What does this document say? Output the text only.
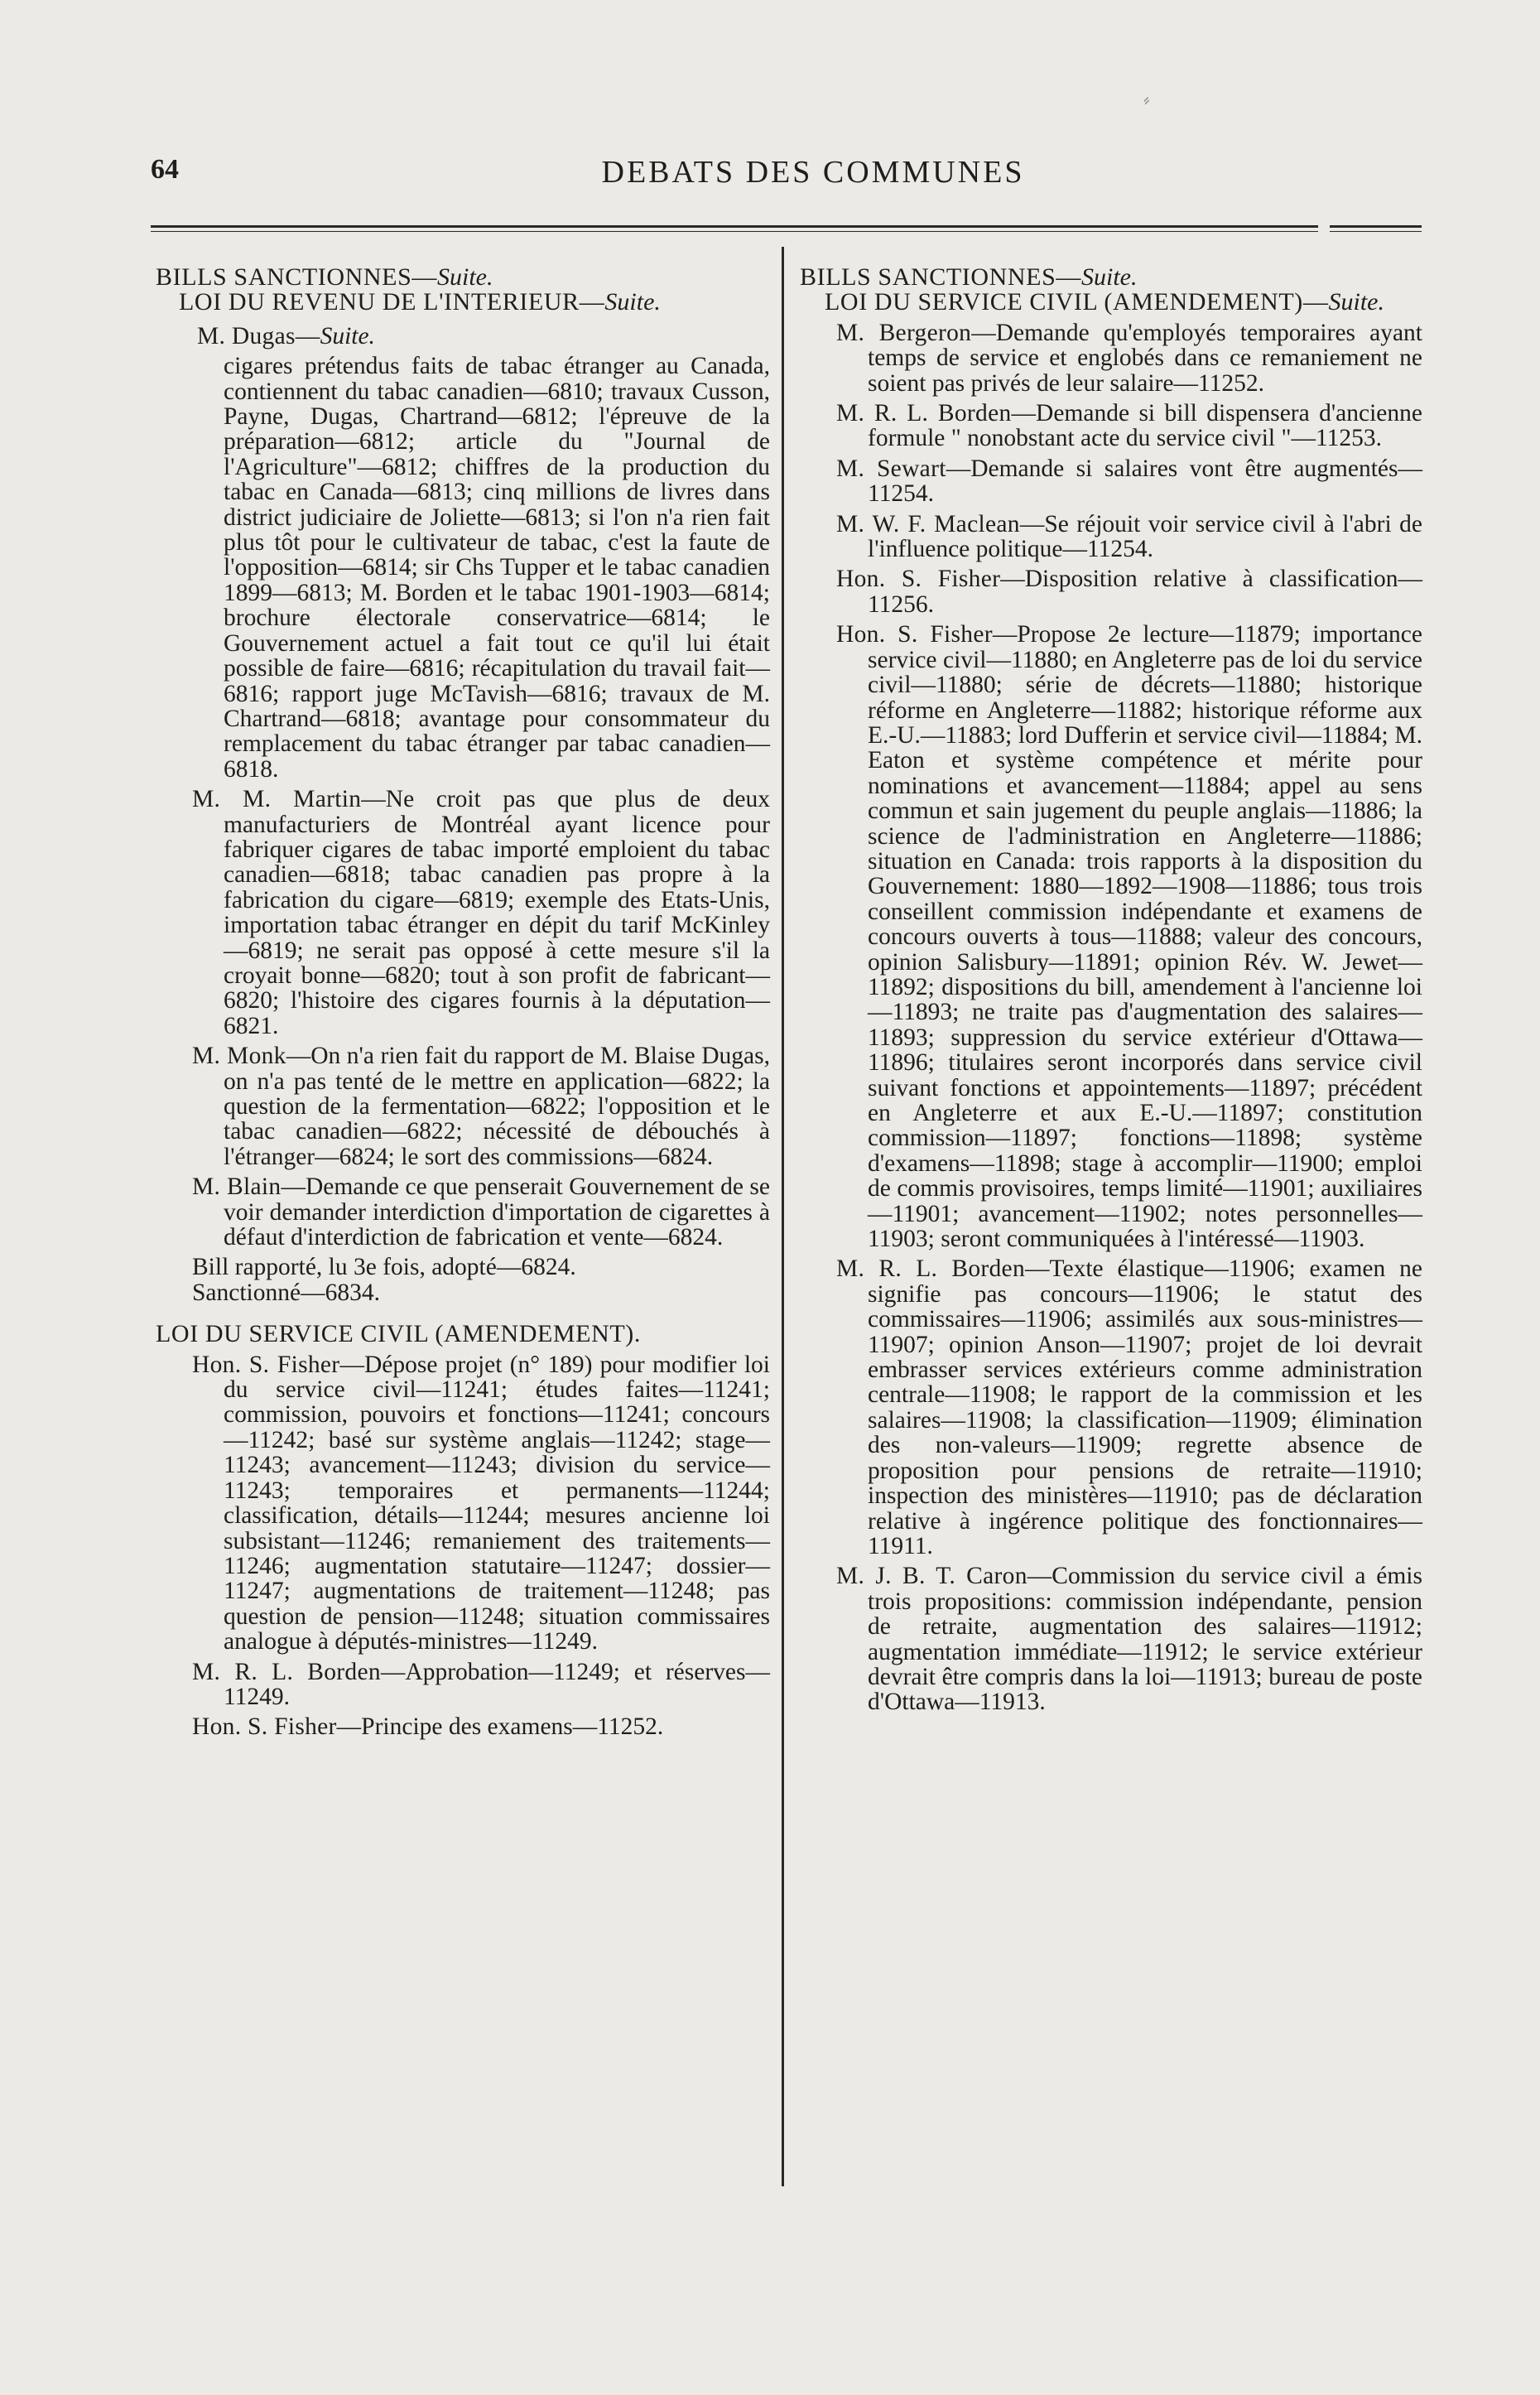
⸗
64	DEBATS DES COMMUNES

BILLS SANCTIONNES—Suite.

LOI DU REVENU DE L'INTERIEUR—Suite.

M. Dugas—Suite.

cigares prétendus faits de tabac étranger au Canada, contiennent du tabac canadien—6810; travaux Cusson, Payne, Dugas, Chartrand—6812; l'épreuve de la préparation—6812; article du "Journal de l'Agriculture"—6812; chiffres de la production du tabac en Canada—6813; cinq millions de livres dans district judiciaire de Joliette—6813; si l'on n'a rien fait plus tôt pour le cultivateur de tabac, c'est la faute de l'opposition—6814; sir Chs Tupper et le tabac canadien 1899—6813; M. Borden et le tabac 1901-1903—6814; brochure électorale conservatrice—6814; le Gouvernement actuel a fait tout ce qu'il lui était possible de faire—6816; récapitulation du travail fait—6816; rapport juge McTavish—6816; travaux de M. Chartrand—6818; avantage pour consommateur du remplacement du tabac étranger par tabac canadien—6818.

M. M. Martin—Ne croit pas que plus de deux manufacturiers de Montréal ayant licence pour fabriquer cigares de tabac importé emploient du tabac canadien—6818; tabac canadien pas propre à la fabrication du cigare—6819; exemple des Etats-Unis, importation tabac étranger en dépit du tarif McKinley—6819; ne serait pas opposé à cette mesure s'il la croyait bonne—6820; tout à son profit de fabricant—6820; l'histoire des cigares fournis à la députation—6821.

M. Monk—On n'a rien fait du rapport de M. Blaise Dugas, on n'a pas tenté de le mettre en application—6822; la question de la fermentation—6822; l'opposition et le tabac canadien—6822; nécessité de débouchés à l'étranger—6824; le sort des commissions—6824.

M. Blain—Demande ce que penserait Gouvernement de se voir demander interdiction d'importation de cigarettes à défaut d'interdiction de fabrication et vente—6824.

Bill rapporté, lu 3e fois, adopté—6824.

Sanctionné—6834.

LOI DU SERVICE CIVIL (AMENDEMENT).

Hon. S. Fisher—Dépose projet (n° 189) pour modifier loi du service civil—11241; études faites—11241; commission, pouvoirs et fonctions—11241; concours—11242; basé sur système anglais—11242; stage—11243; avancement—11243; division du service—11243; temporaires et permanents—11244; classification, détails—11244; mesures ancienne loi subsistant—11246; remaniement des traitements—11246; augmentation statutaire—11247; dossier—11247; augmentations de traitement—11248; pas question de pension—11248; situation commissaires analogue à députés-ministres—11249.

M. R. L. Borden—Approbation—11249; et réserves—11249.

Hon. S. Fisher—Principe des examens—11252.

BILLS SANCTIONNES—Suite.

LOI DU SERVICE CIVIL (AMENDEMENT)—Suite.

M. Bergeron—Demande qu'employés temporaires ayant temps de service et englobés dans ce remaniement ne soient pas privés de leur salaire—11252.

M. R. L. Borden—Demande si bill dispensera d'ancienne formule " nonobstant acte du service civil "—11253.

M. Sewart—Demande si salaires vont être augmentés—11254.

M. W. F. Maclean—Se réjouit voir service civil à l'abri de l'influence politique—11254.

Hon. S. Fisher—Disposition relative à classification—11256.

Hon. S. Fisher—Propose 2e lecture—11879; importance service civil—11880; en Angleterre pas de loi du service civil—11880; série de décrets—11880; historique réforme en Angleterre—11882; historique réforme aux E.-U.—11883; lord Dufferin et service civil—11884; M. Eaton et système compétence et mérite pour nominations et avancement—11884; appel au sens commun et sain jugement du peuple anglais—11886; la science de l'administration en Angleterre—11886; situation en Canada: trois rapports à la disposition du Gouvernement: 1880—1892—1908—11886; tous trois conseillent commission indépendante et examens de concours ouverts à tous—11888; valeur des concours, opinion Salisbury—11891; opinion Rév. W. Jewet—11892; dispositions du bill, amendement à l'ancienne loi—11893; ne traite pas d'augmentation des salaires—11893; suppression du service extérieur d'Ottawa—11896; titulaires seront incorporés dans service civil suivant fonctions et appointements—11897; précédent en Angleterre et aux E.-U.—11897; constitution commission—11897; fonctions—11898; système d'examens—11898; stage à accomplir—11900; emploi de commis provisoires, temps limité—11901; auxiliaires—11901; avancement—11902; notes personnelles—11903; seront communiquées à l'intéressé—11903.

M. R. L. Borden—Texte élastique—11906; examen ne signifie pas concours—11906; le statut des commissaires—11906; assimilés aux sous-ministres—11907; opinion Anson—11907; projet de loi devrait embrasser services extérieurs comme administration centrale—11908; le rapport de la commission et les salaires—11908; la classification—11909; élimination des non-valeurs—11909; regrette absence de proposition pour pensions de retraite—11910; inspection des ministères—11910; pas de déclaration relative à ingérence politique des fonctionnaires—11911.

M. J. B. T. Caron—Commission du service civil a émis trois propositions: commission indépendante, pension de retraite, augmentation des salaires—11912; augmentation immédiate—11912; le service extérieur devrait être compris dans la loi—11913; bureau de poste d'Ottawa—11913.
